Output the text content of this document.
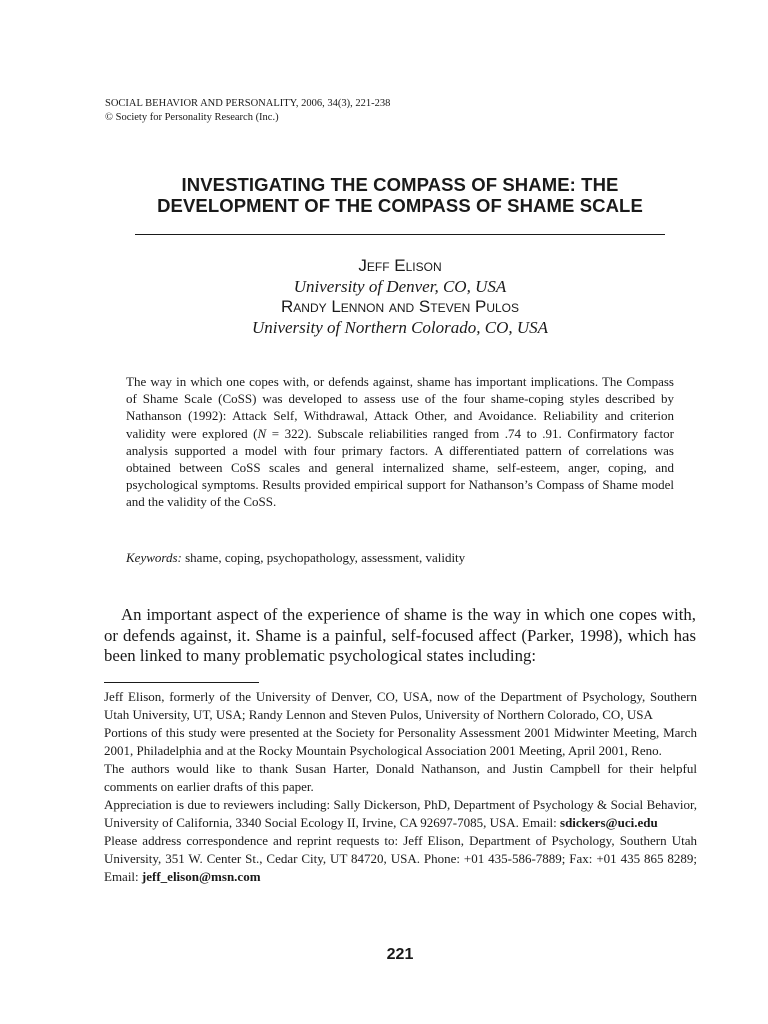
SOCIAL BEHAVIOR AND PERSONALITY, 2006, 34(3), 221-238
© Society for Personality Research (Inc.)
INVESTIGATING THE COMPASS OF SHAME: THE
DEVELOPMENT OF THE COMPASS OF SHAME SCALE
Jeff Elison
University of Denver, CO, USA
Randy Lennon and Steven Pulos
University of Northern Colorado, CO, USA
The way in which one copes with, or defends against, shame has important implications. The Compass of Shame Scale (CoSS) was developed to assess use of the four shame-coping styles described by Nathanson (1992): Attack Self, Withdrawal, Attack Other, and Avoidance. Reliability and criterion validity were explored (N = 322). Subscale reliabilities ranged from .74 to .91. Confirmatory factor analysis supported a model with four primary factors. A differentiated pattern of correlations was obtained between CoSS scales and general internalized shame, self-esteem, anger, coping, and psychological symptoms. Results provided empirical support for Nathanson’s Compass of Shame model and the validity of the CoSS.
Keywords: shame, coping, psychopathology, assessment, validity

An important aspect of the experience of shame is the way in which one copes with, or defends against, it. Shame is a painful, self-focused affect (Parker, 1998), which has been linked to many problematic psychological states including:

Jeff Elison, formerly of the University of Denver, CO, USA, now of the Department of Psychology, Southern Utah University, UT, USA; Randy Lennon and Steven Pulos, University of Northern Colorado, CO, USA

Portions of this study were presented at the Society for Personality Assessment 2001 Midwinter Meeting, March 2001, Philadelphia and at the Rocky Mountain Psychological Association 2001 Meeting, April 2001, Reno.

The authors would like to thank Susan Harter, Donald Nathanson, and Justin Campbell for their helpful comments on earlier drafts of this paper.

Appreciation is due to reviewers including: Sally Dickerson, PhD, Department of Psychology & Social Behavior, University of California, 3340 Social Ecology II, Irvine, CA 92697-7085, USA. Email: sdickers@uci.edu

Please address correspondence and reprint requests to: Jeff Elison, Department of Psychology, Southern Utah University, 351 W. Center St., Cedar City, UT 84720, USA. Phone: +01 435-586-7889; Fax: +01 435 865 8289; Email: jeff_elison@msn.com

221
